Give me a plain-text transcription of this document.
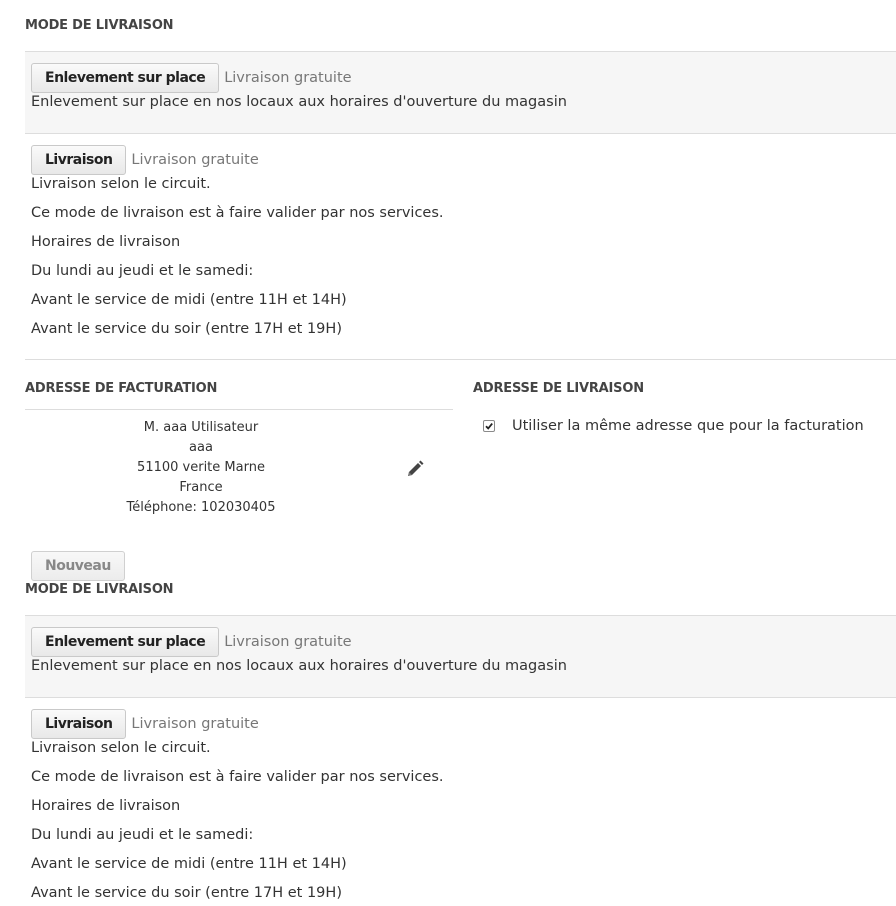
MODE DE LIVRAISON
Enlevement sur place	Livraison gratuite

Enlevement sur place en nos locaux aux horaires d'ouverture du magasin

Livraison	Livraison gratuite

Livraison selon le circuit.

Ce mode de livraison est à faire valider par nos services.

Horaires de livraison

Du lundi au jeudi et le samedi:

Avant le service de midi (entre 11H et 14H)

Avant le service du soir (entre 17H et 19H)

ADRESSE DE FACTURATION
M. aaa Utilisateur
aaa
51100 verite Marne
France
Téléphone: 102030405
Nouveau
ADRESSE DE LIVRAISON
Utiliser la même adresse que pour la facturation
MODE DE LIVRAISON
Enlevement sur place	Livraison gratuite

Enlevement sur place en nos locaux aux horaires d'ouverture du magasin

Livraison	Livraison gratuite

Livraison selon le circuit.

Ce mode de livraison est à faire valider par nos services.

Horaires de livraison

Du lundi au jeudi et le samedi:

Avant le service de midi (entre 11H et 14H)

Avant le service du soir (entre 17H et 19H)
